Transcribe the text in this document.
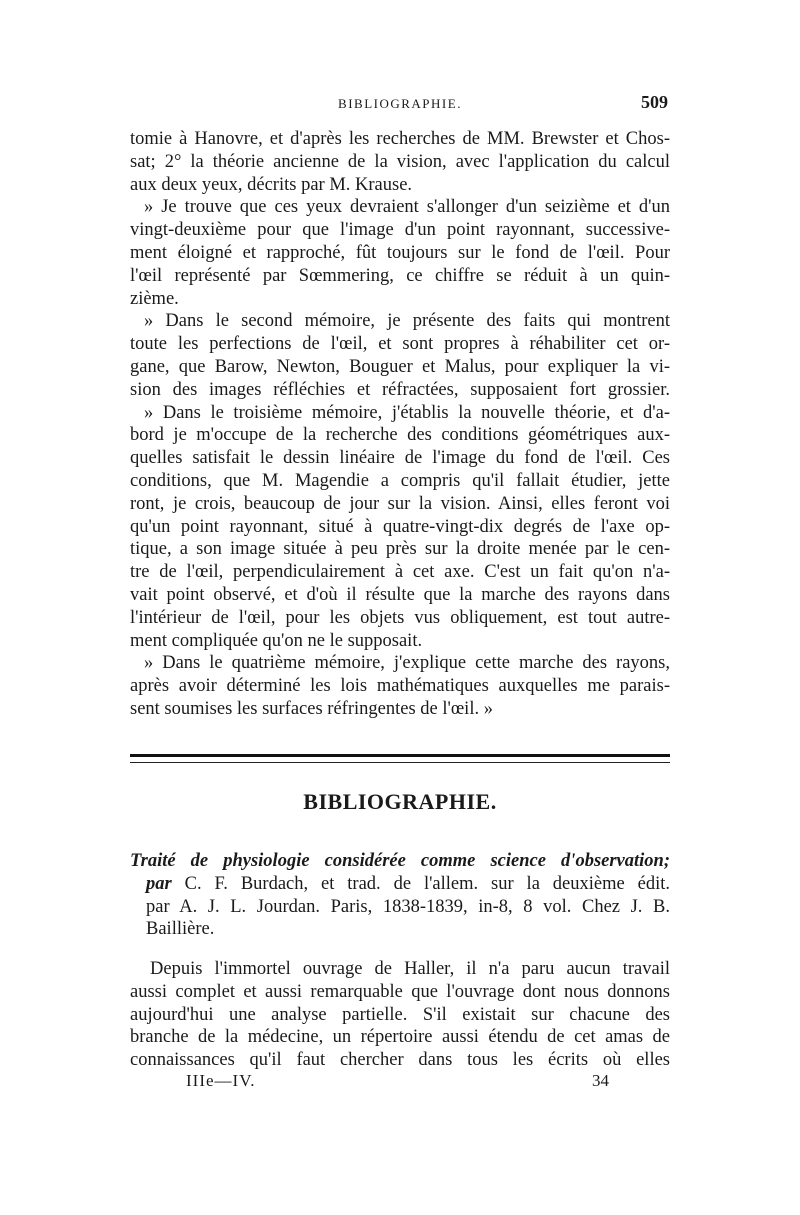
BIBLIOGRAPHIE.	509
tomie à Hanovre, et d'après les recherches de MM. Brewster et Chos-
sat; 2° la théorie ancienne de la vision, avec l'application du calcul
aux deux yeux, décrits par M. Krause.
» Je trouve que ces yeux devraient s'allonger d'un seizième et d'un
vingt-deuxième pour que l'image d'un point rayonnant, successive-
ment éloigné et rapproché, fût toujours sur le fond de l'œil. Pour
l'œil représenté par Sœmmering, ce chiffre se réduit à un quin-
zième.
» Dans le second mémoire, je présente des faits qui montrent
toute les perfections de l'œil, et sont propres à réhabiliter cet or-
gane, que Barow, Newton, Bouguer et Malus, pour expliquer la vi-
sion des images réfléchies et réfractées, supposaient fort grossier.
» Dans le troisième mémoire, j'établis la nouvelle théorie, et d'a-
bord je m'occupe de la recherche des conditions géométriques aux-
quelles satisfait le dessin linéaire de l'image du fond de l'œil. Ces
conditions, que M. Magendie a compris qu'il fallait étudier, jette
ront, je crois, beaucoup de jour sur la vision. Ainsi, elles feront voi
qu'un point rayonnant, situé à quatre-vingt-dix degrés de l'axe op-
tique, a son image située à peu près sur la droite menée par le cen-
tre de l'œil, perpendiculairement à cet axe. C'est un fait qu'on n'a-
vait point observé, et d'où il résulte que la marche des rayons dans
l'intérieur de l'œil, pour les objets vus obliquement, est tout autre-
ment compliquée qu'on ne le supposait.
» Dans le quatrième mémoire, j'explique cette marche des rayons,
après avoir déterminé les lois mathématiques auxquelles me parais-
sent soumises les surfaces réfringentes de l'œil. »
BIBLIOGRAPHIE.
Traité de physiologie considérée comme science d'observation;
par C. F. Burdach, et trad. de l'allem. sur la deuxième édit.
par A. J. L. Jourdan. Paris, 1838-1839, in-8, 8 vol. Chez J. B.
Baillière.
Depuis l'immortel ouvrage de Haller, il n'a paru aucun travail
aussi complet et aussi remarquable que l'ouvrage dont nous donnons
aujourd'hui une analyse partielle. S'il existait sur chacune des
branche de la médecine, un répertoire aussi étendu de cet amas de
connaissances qu'il faut chercher dans tous les écrits où elles
IIIe—IV.	34
